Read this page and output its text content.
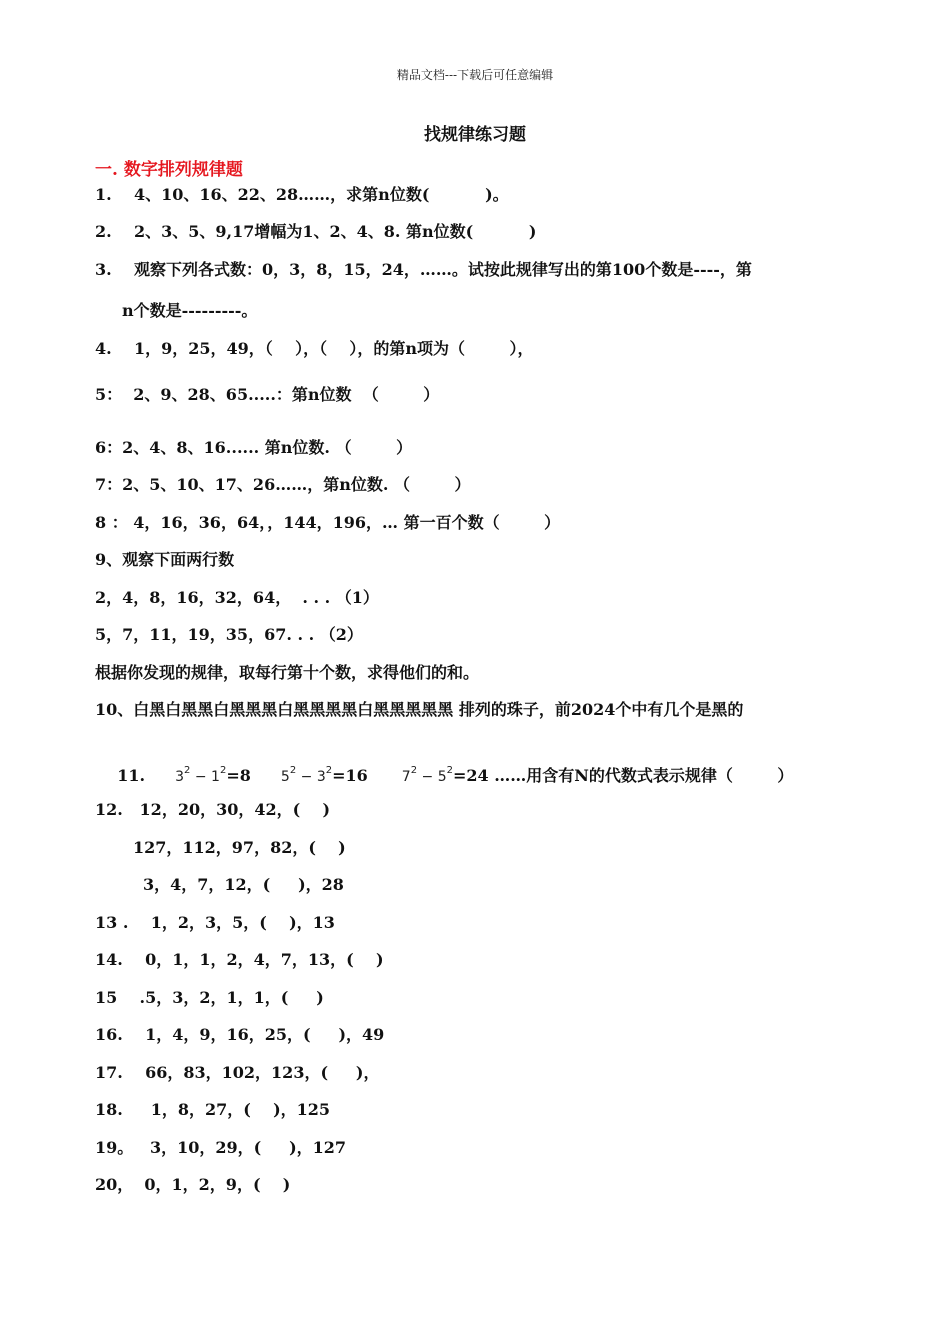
精品文档---下载后可任意编辑
找规律练习题
一. 数字排列规律题
1.    4、10、16、22、28……，求第n位数(          )。
2.    2、3、5、9,17增幅为1、2、4、8. 第n位数(          )
3.    观察下列各式数：0，3，8，15，24，……。试按此规律写出的第100个数是----，第
n个数是---------。
4.    1，9，25，49，（    ），（    ），的第n项为（        ），
5：  2、9、28、65.....：第n位数  （        ）
6：2、4、8、16...... 第n位数. （        ）
7：2、5、10、17、26……，第n位数. （        ）
8 ： 4，16，36，64，，144，196，… 第一百个数（        ）
9、观察下面两行数
2，4，8，16，32，64，  . . . （1）
5，7，11，19，35，67. . . （2）
根据你发现的规律，取每行第十个数，求得他们的和。
10、白黑白黑黑白黑黑黑白黑黑黑黑白黑黑黑黑黑 排列的珠子，前2024个中有几个是黑的

11. $3^2 - 1^2=8$ $5^2 - 3^2=16$ $7^2 - 5^2=24$ ……用含有N的代数式表示规律（        ）

12.   12，20，30，42，(    )
127，112，97，82，(    )
3，4，7，12，(     )，28
13 .    1，2，3，5，(    )，13
14.    0，1，1，2，4，7，13，(    )
15    .5，3，2，1，1，(     )
16.    1，4，9，16，25，(     )，49
17.    66，83，102，123，(     )，
18.     1，8，27，(    )，125
19。   3，10，29，(     )，127
20，  0，1，2，9，(    )
